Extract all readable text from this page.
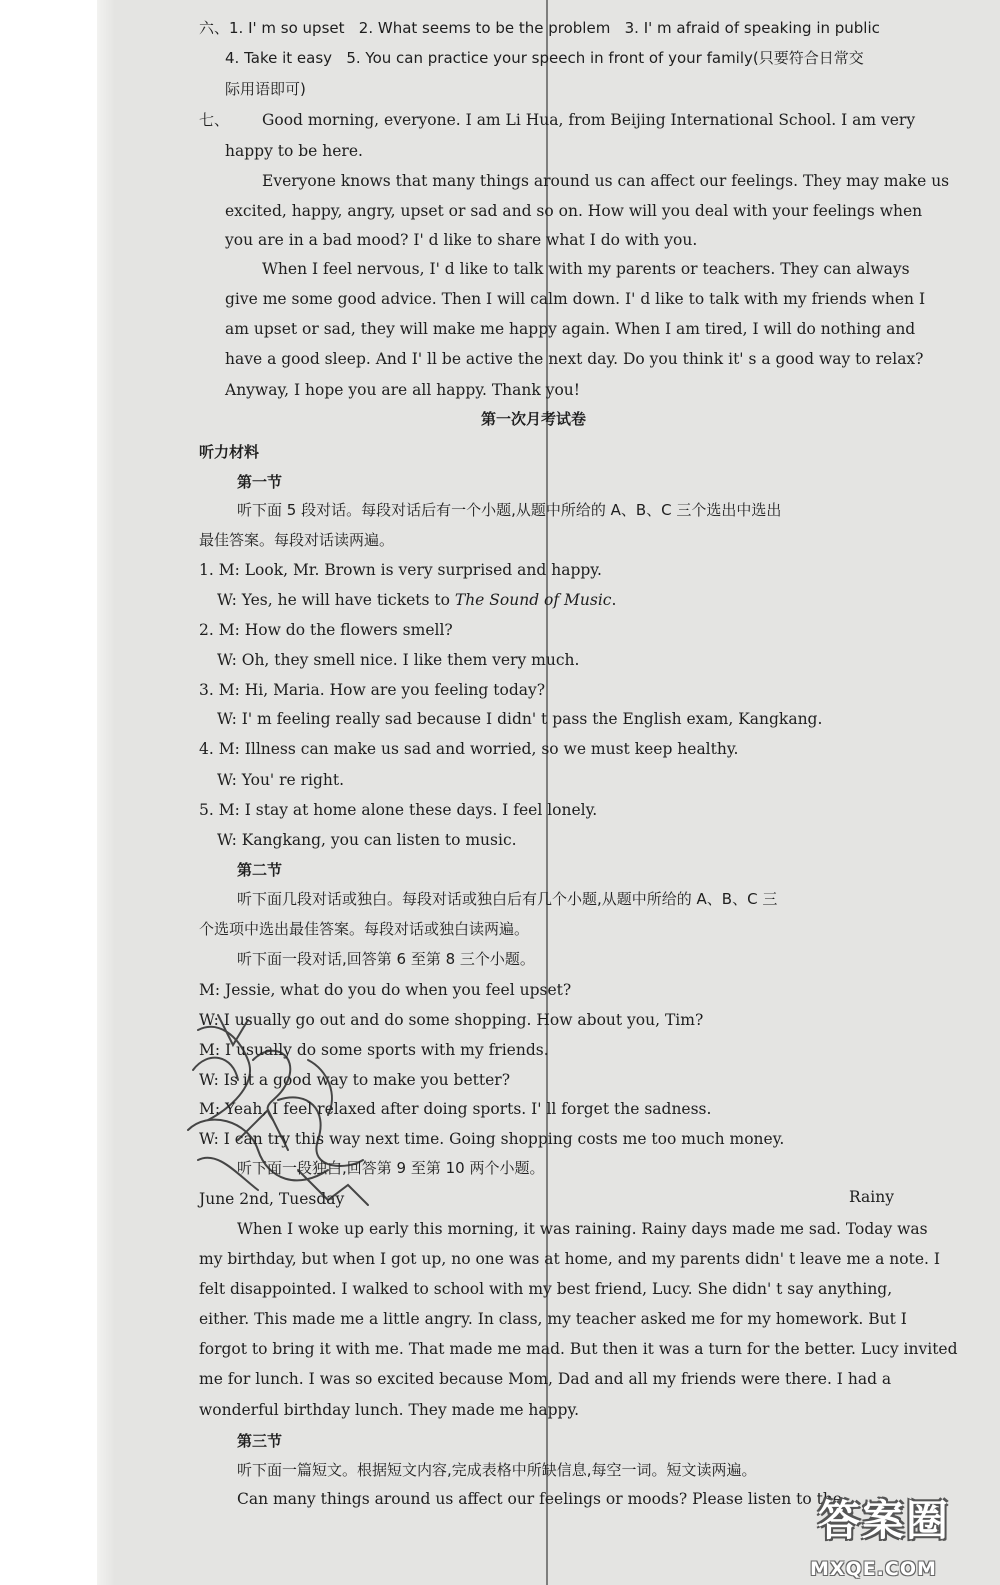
六、1. I' m so upset   2. What seems to be the problem   3. I' m afraid of speaking in public
4. Take it easy   5. You can practice your speech in front of your family(只要符合日常交
际用语即可)
七、 Good morning, everyone. I am Li Hua, from Beijing International School. I am very
happy to be here.
Everyone knows that many things around us can affect our feelings. They may make us
excited, happy, angry, upset or sad and so on. How will you deal with your feelings when
you are in a bad mood? I' d like to share what I do with you.
When I feel nervous, I' d like to talk with my parents or teachers. They can always
give me some good advice. Then I will calm down. I' d like to talk with my friends when I
am upset or sad, they will make me happy again. When I am tired, I will do nothing and
have a good sleep. And I' ll be active the next day. Do you think it' s a good way to relax?
Anyway, I hope you are all happy. Thank you!
第一次月考试卷
听力材料
第一节
听下面 5 段对话。每段对话后有一个小题,从题中所给的 A、B、C 三个选出中选出
最佳答案。每段对话读两遍。
1. M: Look, Mr. Brown is very surprised and happy.
W: Yes, he will have tickets to The Sound of Music.
2. M: How do the flowers smell?
W: Oh, they smell nice. I like them very much.
3. M: Hi, Maria. How are you feeling today?
W: I' m feeling really sad because I didn' t pass the English exam, Kangkang.
4. M: Illness can make us sad and worried, so we must keep healthy.
W: You' re right.
5. M: I stay at home alone these days. I feel lonely.
W: Kangkang, you can listen to music.
第二节
听下面几段对话或独白。每段对话或独白后有几个小题,从题中所给的 A、B、C 三
个选项中选出最佳答案。每段对话或独白读两遍。
听下面一段对话,回答第 6 至第 8 三个小题。
M: Jessie, what do you do when you feel upset?
W: I usually go out and do some shopping. How about you, Tim?
M: I usually do some sports with my friends.
W: Is it a good way to make you better?
M: Yeah, I feel relaxed after doing sports. I' ll forget the sadness.
W: I can try this way next time. Going shopping costs me too much money.
听下面一段独白,回答第 9 至第 10 两个小题。
June 2nd, Tuesday	Rainy
When I woke up early this morning, it was raining. Rainy days made me sad. Today was
my birthday, but when I got up, no one was at home, and my parents didn' t leave me a note. I
felt disappointed. I walked to school with my best friend, Lucy. She didn' t say anything,
either. This made me a little angry. In class, my teacher asked me for my homework. But I
forgot to bring it with me. That made me mad. But then it was a turn for the better. Lucy invited
me for lunch. I was so excited because Mom, Dad and all my friends were there. I had a
wonderful birthday lunch. They made me happy.
第三节
听下面一篇短文。根据短文内容,完成表格中所缺信息,每空一词。短文读两遍。
Can many things around us affect our feelings or moods? Please listen to the
答案圈
MXQE.COM
